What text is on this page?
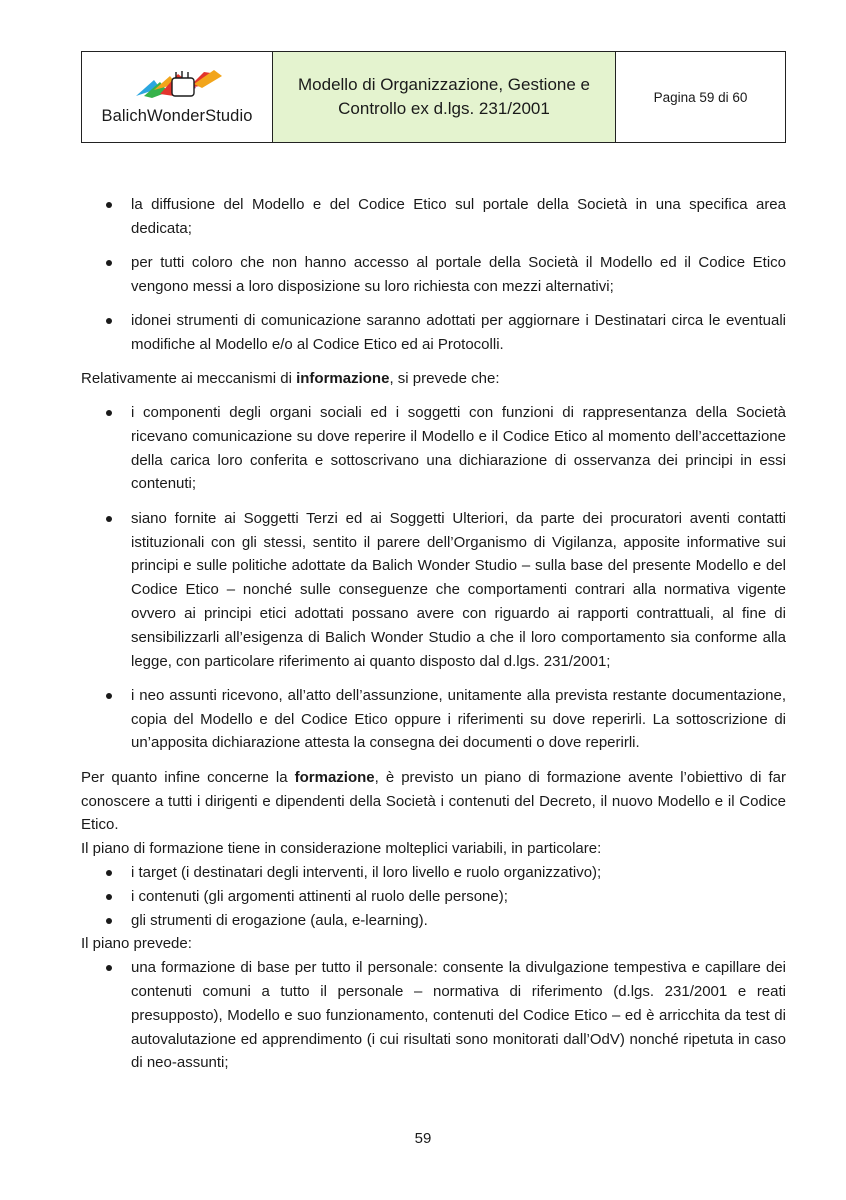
BalichWonderStudio
Modello di Organizzazione, Gestione e Controllo ex d.lgs. 231/2001
Pagina 59 di 60
la diffusione del Modello e del Codice Etico sul portale della Società in una specifica area dedicata;
per tutti coloro che non hanno accesso al portale della Società il Modello ed il Codice Etico vengono messi a loro disposizione su loro richiesta con mezzi alternativi;
idonei strumenti di comunicazione saranno adottati per aggiornare i Destinatari circa le eventuali modifiche al Modello e/o al Codice Etico ed ai Protocolli.

Relativamente ai meccanismi di informazione, si prevede che:

i componenti degli organi sociali ed i soggetti con funzioni di rappresentanza della Società ricevano comunicazione su dove reperire il Modello e il Codice Etico al momento dell’accettazione della carica loro conferita e sottoscrivano una dichiarazione di osservanza dei principi in essi contenuti;
siano fornite ai Soggetti Terzi ed ai Soggetti Ulteriori, da parte dei procuratori aventi contatti istituzionali con gli stessi, sentito il parere dell’Organismo di Vigilanza, apposite informative sui principi e sulle politiche adottate da Balich Wonder Studio – sulla base del presente Modello e del Codice Etico – nonché sulle conseguenze che comportamenti contrari alla normativa vigente ovvero ai principi etici adottati possano avere con riguardo ai rapporti contrattuali, al fine di sensibilizzarli all’esigenza di Balich Wonder Studio a che il loro comportamento sia conforme alla legge, con particolare riferimento ai quanto disposto dal d.lgs. 231/2001;
i neo assunti ricevono, all’atto dell’assunzione, unitamente alla prevista restante documentazione, copia del Modello e del Codice Etico oppure i riferimenti su dove reperirli. La sottoscrizione di un’apposita dichiarazione attesta la consegna dei documenti o dove reperirli.

Per quanto infine concerne la formazione, è previsto un piano di formazione avente l’obiettivo di far conoscere a tutti i dirigenti e dipendenti della Società i contenuti del Decreto, il nuovo Modello e il Codice Etico.

Il piano di formazione tiene in considerazione molteplici variabili, in particolare:

i target (i destinatari degli interventi, il loro livello e ruolo organizzativo);
i contenuti (gli argomenti attinenti al ruolo delle persone);
gli strumenti di erogazione (aula, e-learning).

Il piano prevede:

una formazione di base per tutto il personale: consente la divulgazione tempestiva e capillare dei contenuti comuni a tutto il personale – normativa di riferimento (d.lgs. 231/2001 e reati presupposto), Modello e suo funzionamento, contenuti del Codice Etico – ed è arricchita da test di autovalutazione ed apprendimento (i cui risultati sono monitorati dall’OdV) nonché ripetuta in caso di neo-assunti;
59
